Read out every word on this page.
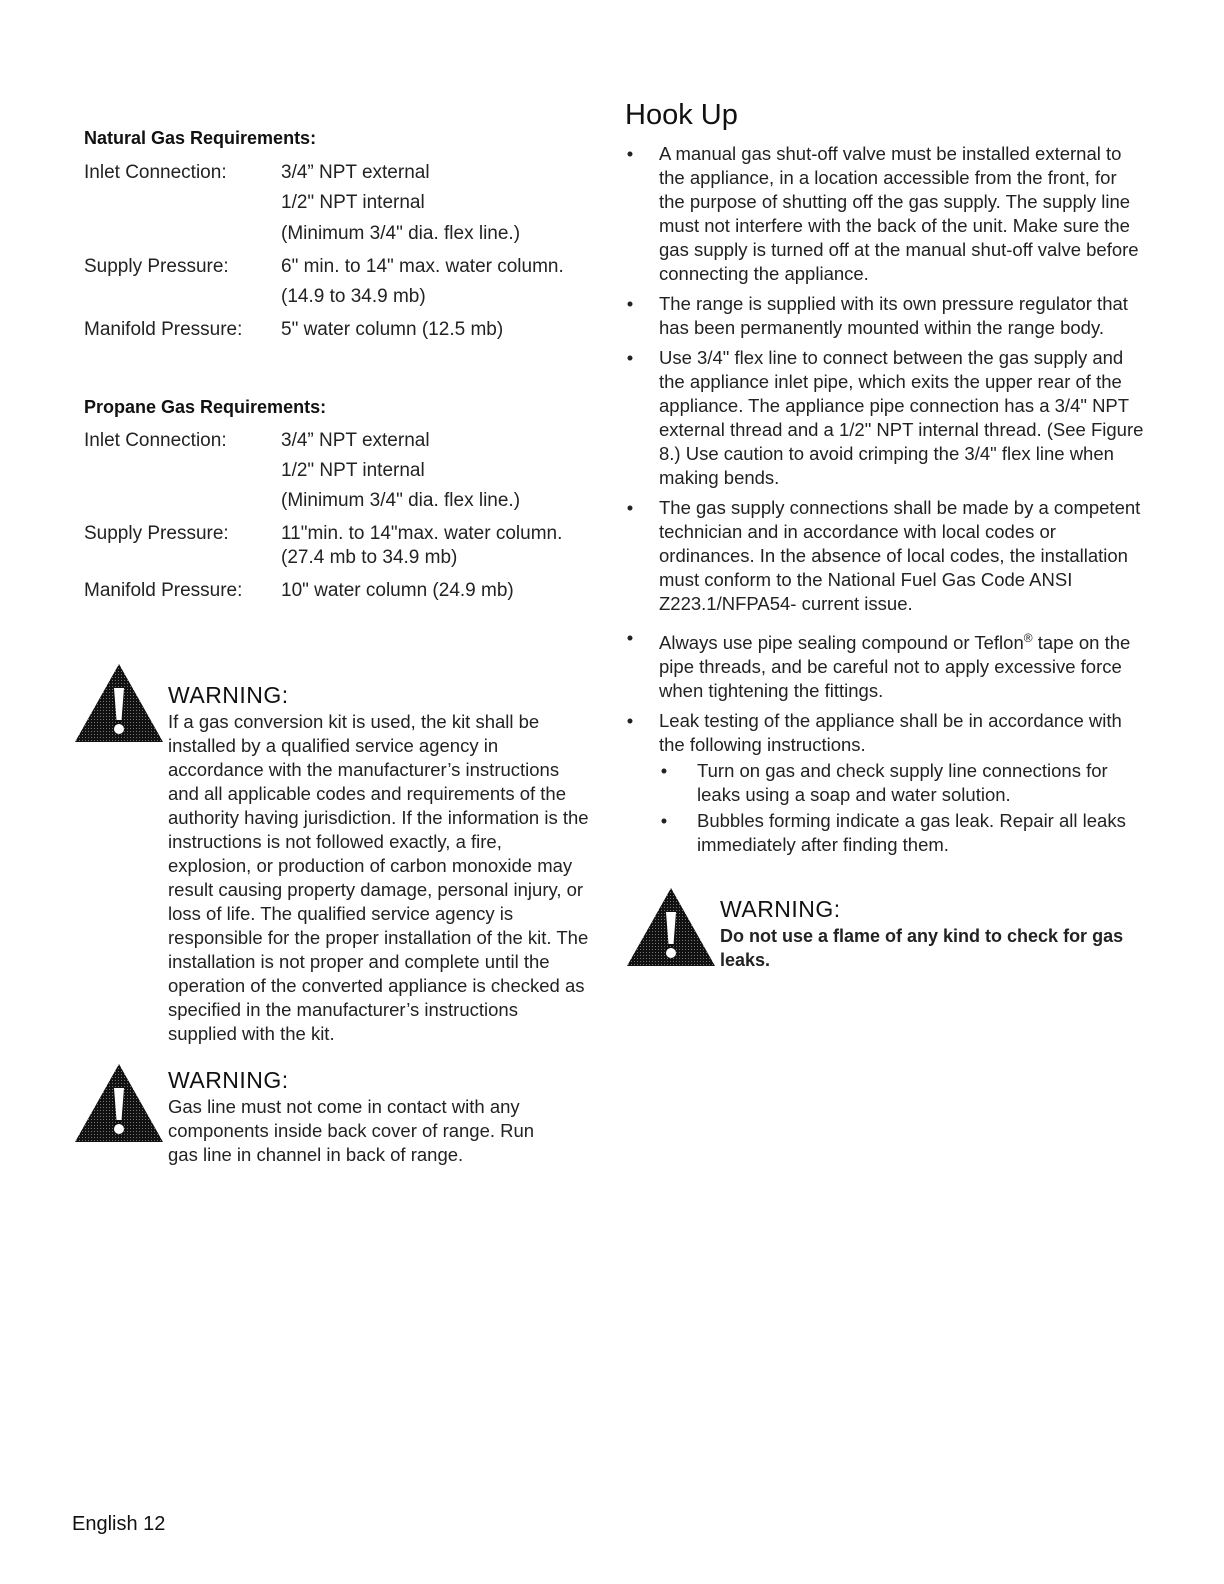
Natural Gas Requirements:
Inlet Connection:	3/4” NPT external
1/2" NPT internal
(Minimum 3/4" dia. flex line.)
Supply Pressure:	6" min. to 14" max. water column.
(14.9 to 34.9 mb)
Manifold Pressure: 5" water column (12.5 mb)
Propane Gas Requirements:
Inlet Connection:	3/4” NPT external
1/2" NPT internal
(Minimum 3/4" dia. flex line.)
Supply Pressure:	11"min. to 14"max. water column.
(27.4 mb to 34.9 mb)
Manifold Pressure: 10" water column (24.9 mb)
WARNING:

If a gas conversion kit is used, the kit shall be installed by a qualified service agency in accordance with the manufacturer’s instructions and all applicable codes and requirements of the authority having jurisdiction. If the information is the instructions is not followed exactly, a fire, explosion, or production of carbon monoxide may result causing property damage, personal injury, or loss of life. The qualified service agency is responsible for the proper installation of the kit. The installation is not proper and complete until the operation of the converted appliance is checked as specified in the manufacturer’s instructions supplied with the kit.

WARNING:

Gas line must not come in contact with any components inside back cover of range. Run gas line in channel in back of range.

Hook Up
• A manual gas shut-off valve must be installed external to the appliance, in a location accessible from the front, for the purpose of shutting off the gas supply. The supply line must not interfere with the back of the unit. Make sure the gas supply is turned off at the manual shut-off valve before connecting the appliance.
• The range is supplied with its own pressure regulator that has been permanently mounted within the range body.
• Use 3/4" flex line to connect between the gas supply and the appliance inlet pipe, which exits the upper rear of the appliance. The appliance pipe connection has a 3/4" NPT external thread and a 1/2" NPT internal thread. (See Figure 8.) Use caution to avoid crimping the 3/4" flex line when making bends.
• The gas supply connections shall be made by a competent technician and in accordance with local codes or ordinances. In the absence of local codes, the installation must conform to the National Fuel Gas Code ANSI Z223.1/NFPA54- current issue.
• Always use pipe sealing compound or Teflon® tape on the pipe threads, and be careful not to apply excessive force when tightening the fittings.
• Leak testing of the appliance shall be in accordance with the following instructions.
• Turn on gas and check supply line connections for leaks using a soap and water solution.
• Bubbles forming indicate a gas leak. Repair all leaks immediately after finding them.
WARNING:

Do not use a flame of any kind to check for gas leaks.

English 12
